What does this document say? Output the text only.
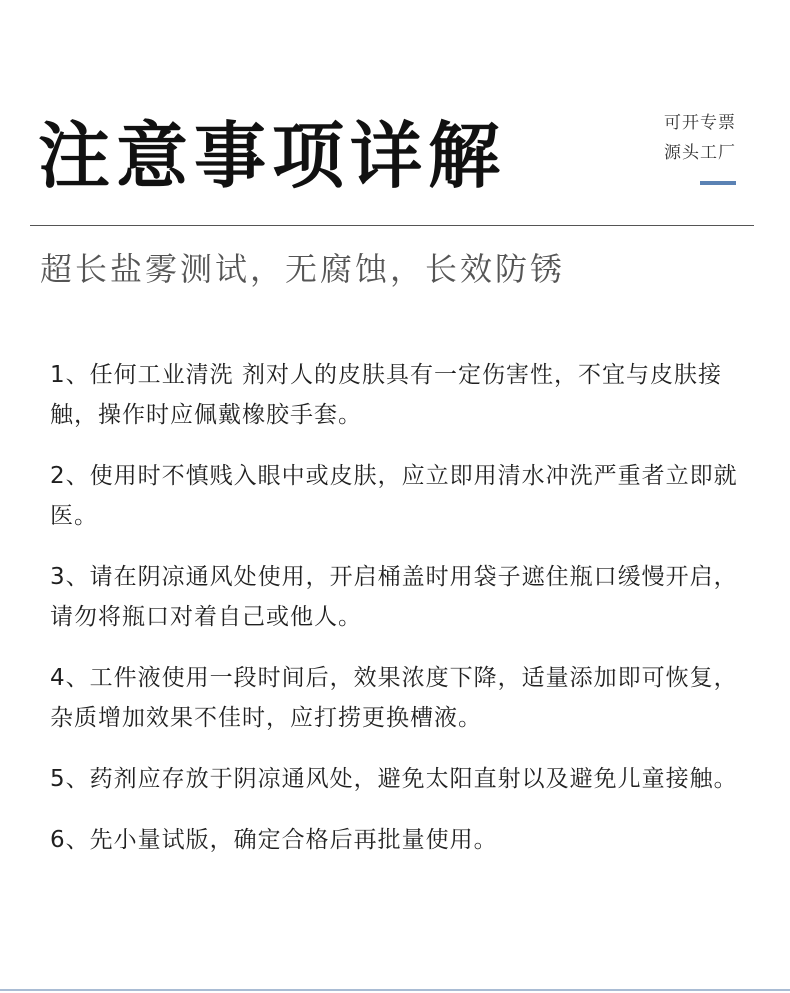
注意事项详解	可开专票
源头工厂
超长盐雾测试，无腐蚀，长效防锈
1、任何工业清洗 剂对人的皮肤具有一定伤害性，不宜与皮肤接触，操作时应佩戴橡胶手套。
2、使用时不慎贱入眼中或皮肤，应立即用清水冲洗严重者立即就医。
3、请在阴凉通风处使用，开启桶盖时用袋子遮住瓶口缓慢开启，请勿将瓶口对着自己或他人。
4、工件液使用一段时间后，效果浓度下降，适量添加即可恢复，杂质增加效果不佳时，应打捞更换槽液。
5、药剂应存放于阴凉通风处，避免太阳直射以及避免儿童接触。
6、先小量试版，确定合格后再批量使用。
